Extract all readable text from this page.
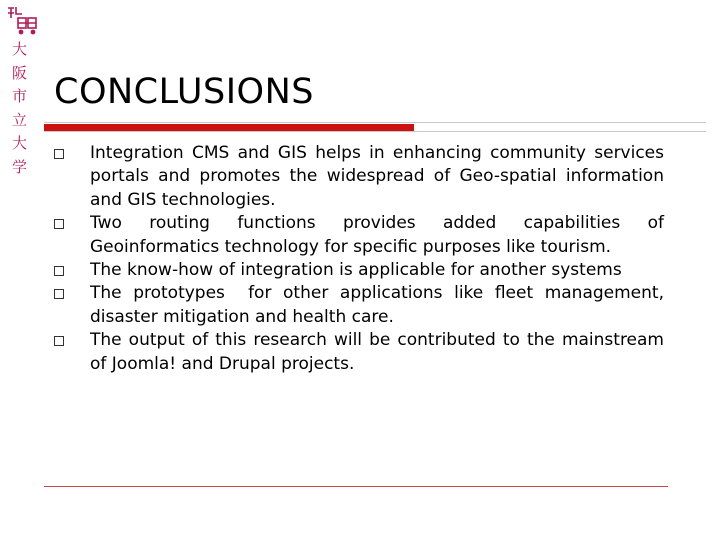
大
阪
市
立
大
学
CONCLUSIONS
Integration CMS and GIS helps in enhancing community services portals and promotes the widespread of Geo-spatial information and GIS technologies.
Two routing functions provides added capabilities of Geoinformatics technology for specific purposes like tourism.
The know-how of integration is applicable for another systems
The prototypes  for other applications like fleet management, disaster mitigation and health care.
The output of this research will be contributed to the mainstream of Joomla! and Drupal projects.
